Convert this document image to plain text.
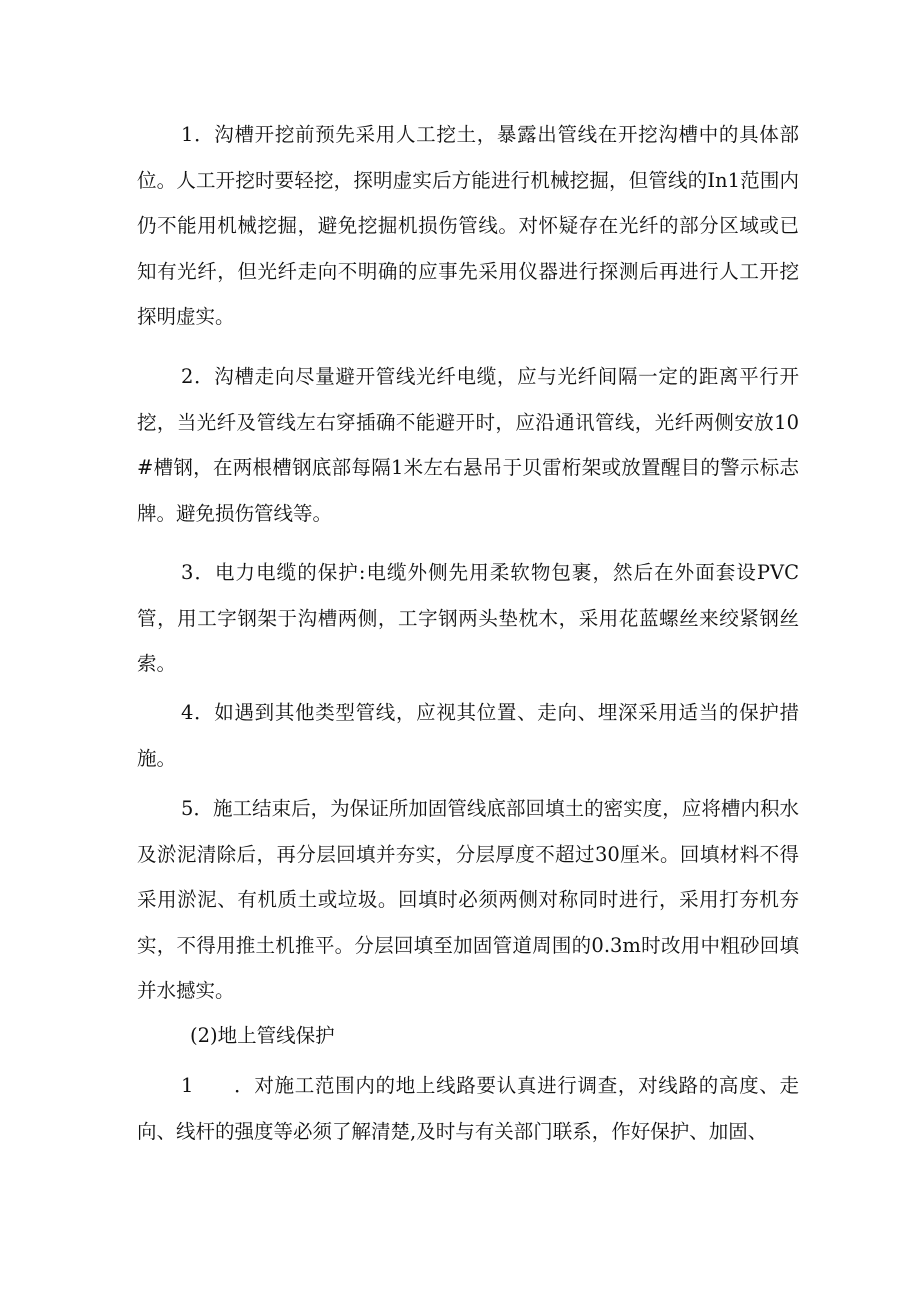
1．沟槽开挖前预先采用人工挖土，暴露出管线在开挖沟槽中的具体部位。人工开挖时要轻挖，探明虚实后方能进行机械挖掘，但管线的In1范围内仍不能用机械挖掘，避免挖掘机损伤管线。对怀疑存在光纤的部分区域或已知有光纤，但光纤走向不明确的应事先采用仪器进行探测后再进行人工开挖探明虚实。

2．沟槽走向尽量避开管线光纤电缆，应与光纤间隔一定的距离平行开挖，当光纤及管线左右穿插确不能避开时，应沿通讯管线，光纤两侧安放10#槽钢，在两根槽钢底部每隔1米左右悬吊于贝雷桁架或放置醒目的警示标志牌。避免损伤管线等。

3．电力电缆的保护:电缆外侧先用柔软物包裹，然后在外面套设PVC管，用工字钢架于沟槽两侧，工字钢两头垫枕木，采用花蓝螺丝来绞紧钢丝索。

4．如遇到其他类型管线，应视其位置、走向、埋深采用适当的保护措施。

5．施工结束后，为保证所加固管线底部回填土的密实度，应将槽内积水及淤泥清除后，再分层回填并夯实，分层厚度不超过30厘米。回填材料不得采用淤泥、有机质土或垃圾。回填时必须两侧对称同时进行，采用打夯机夯实，不得用推土机推平。分层回填至加固管道周围的0.3m时改用中粗砂回填并水撼实。

(2)地上管线保护

1 ．对施工范围内的地上线路要认真进行调查，对线路的高度、走向、线杆的强度等必须了解清楚,及时与有关部门联系，作好保护、加固、
